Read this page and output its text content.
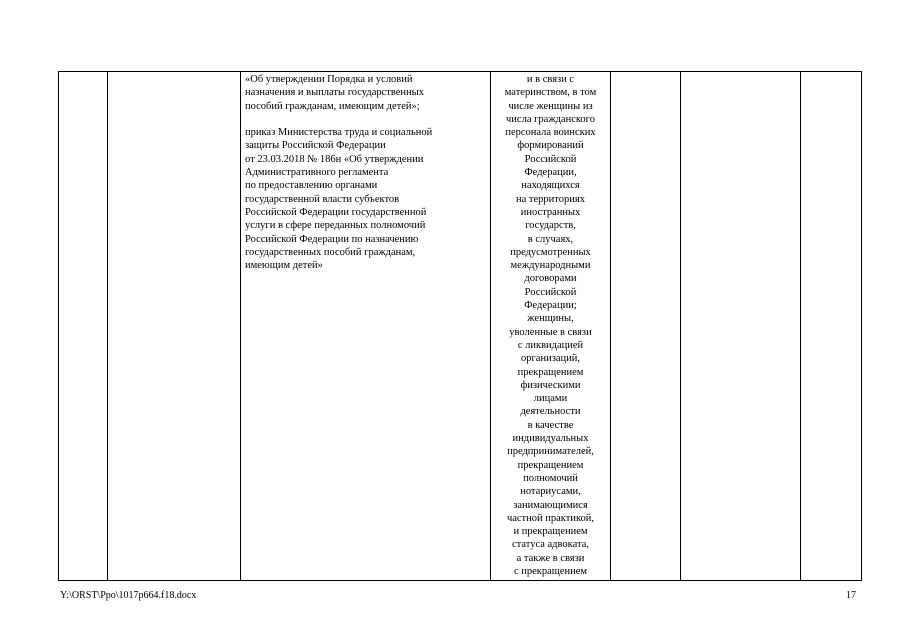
«Об утверждении Порядка и условий
назначения и выплаты государственных
пособий гражданам, имеющим детей»;

приказ Министерства труда и социальной
защиты Российской Федерации
от 23.03.2018 № 186н «Об утверждении
Административного регламента
по предоставлению органами
государственной власти субъектов
Российской Федерации государственной
услуги в сфере переданных полномочий
Российской Федерации по назначению
государственных пособий гражданам,
имеющим детей»

	и в связи с
материнством, в том
числе женщины из
числа гражданского
персонала воинских
формирований
Российской
Федерации,
находящихся
на территориях
иностранных
государств,
в случаях,
предусмотренных
международными
договорами
Российской
Федерации;
женщины,
уволенные в связи
с ликвидацией
организаций,
прекращением
физическими
лицами
деятельности
в качестве
индивидуальных
предпринимателей,
прекращением
полномочий
нотариусами,
занимающимися
частной практикой,
и прекращением
статуса адвоката,
а также в связи
с прекращением			
Y:\ORST\Ppo\1017p664.f18.docx	17
